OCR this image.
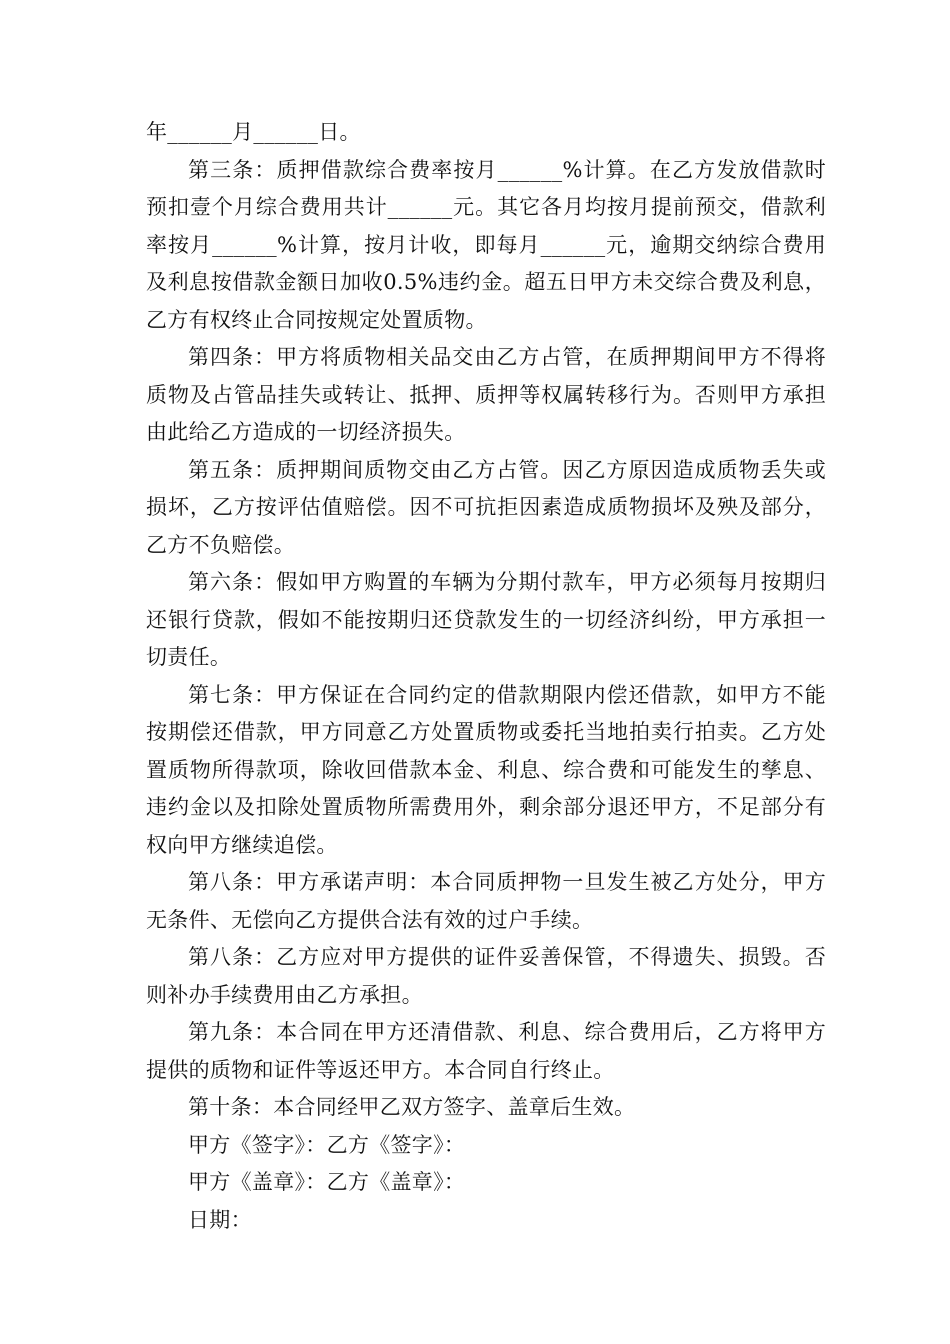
年______月______日。

第三条：质押借款综合费率按月______%计算。在乙方发放借款时预扣壹个月综合费用共计______元。其它各月均按月提前预交，借款利率按月______%计算，按月计收，即每月______元，逾期交纳综合费用及利息按借款金额日加收0.5%违约金。超五日甲方未交综合费及利息，乙方有权终止合同按规定处置质物。

第四条：甲方将质物相关品交由乙方占管，在质押期间甲方不得将质物及占管品挂失或转让、抵押、质押等权属转移行为。否则甲方承担由此给乙方造成的一切经济损失。

第五条：质押期间质物交由乙方占管。因乙方原因造成质物丢失或损坏，乙方按评估值赔偿。因不可抗拒因素造成质物损坏及殃及部分，乙方不负赔偿。

第六条：假如甲方购置的车辆为分期付款车，甲方必须每月按期归还银行贷款，假如不能按期归还贷款发生的一切经济纠纷，甲方承担一切责任。

第七条：甲方保证在合同约定的借款期限内偿还借款，如甲方不能按期偿还借款，甲方同意乙方处置质物或委托当地拍卖行拍卖。乙方处置质物所得款项，除收回借款本金、利息、综合费和可能发生的孳息、违约金以及扣除处置质物所需费用外，剩余部分退还甲方，不足部分有权向甲方继续追偿。

第八条：甲方承诺声明：本合同质押物一旦发生被乙方处分，甲方无条件、无偿向乙方提供合法有效的过户手续。

第八条：乙方应对甲方提供的证件妥善保管，不得遗失、损毁。否则补办手续费用由乙方承担。

第九条：本合同在甲方还清借款、利息、综合费用后，乙方将甲方提供的质物和证件等返还甲方。本合同自行终止。

第十条：本合同经甲乙双方签字、盖章后生效。

甲方《签字》：乙方《签字》：

甲方《盖章》：乙方《盖章》：

日期：
